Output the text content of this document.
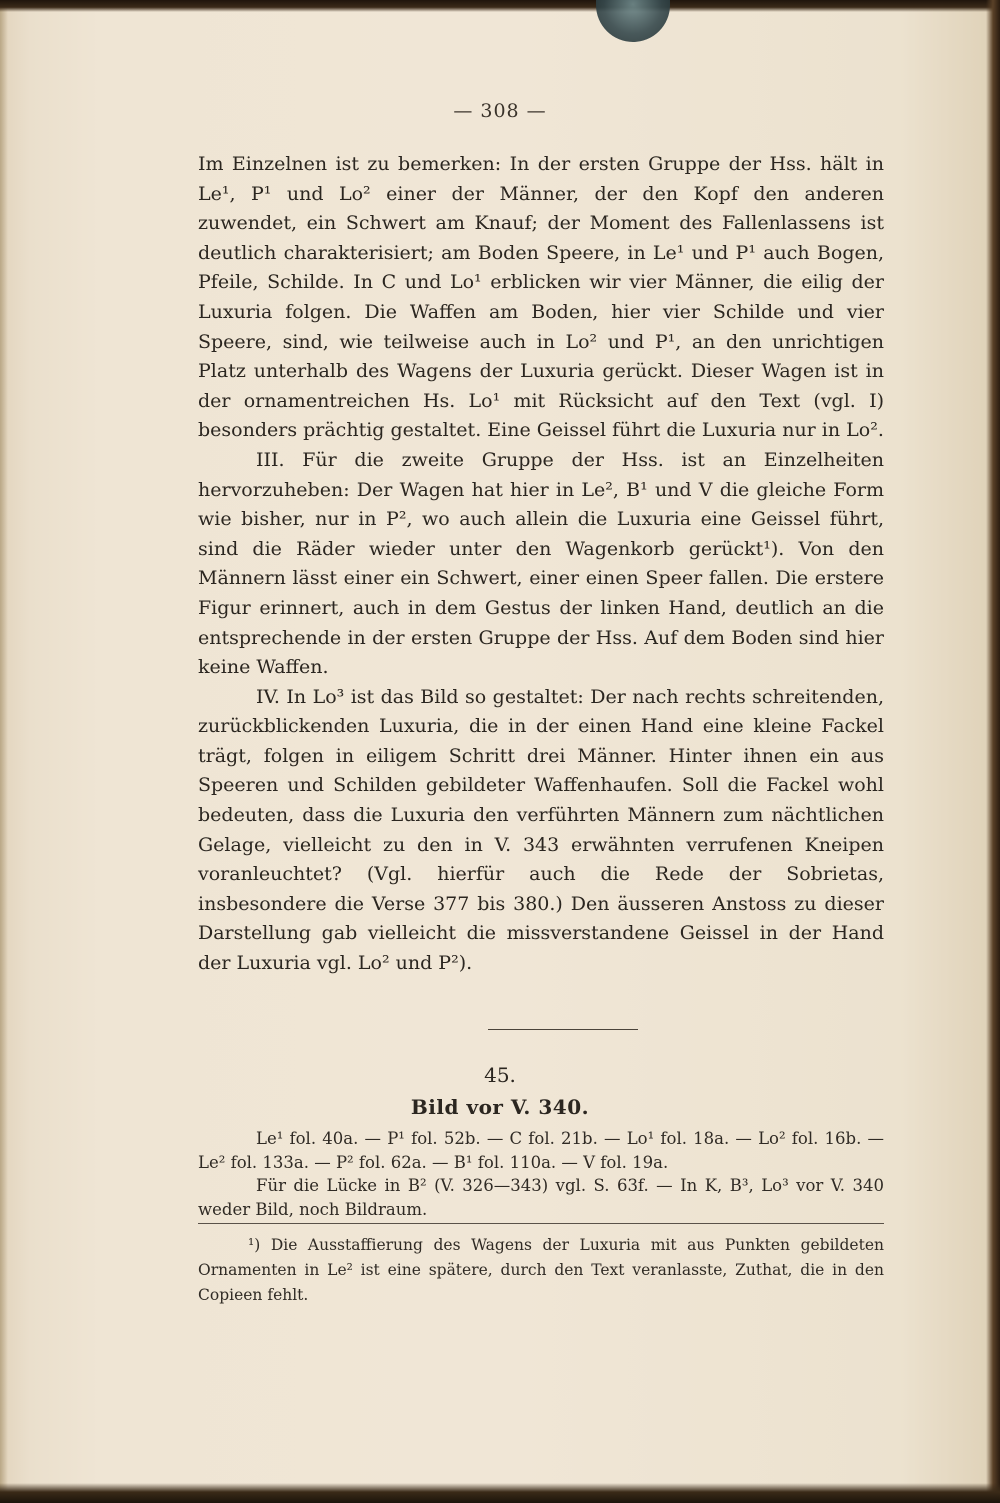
— 308 —

Im Einzelnen ist zu bemerken: In der ersten Gruppe der Hss. hält in Le¹, P¹ und Lo² einer der Männer, der den Kopf den anderen zuwendet, ein Schwert am Knauf; der Moment des Fallenlassens ist deutlich charakterisiert; am Boden Speere, in Le¹ und P¹ auch Bogen, Pfeile, Schilde. In C und Lo¹ erblicken wir vier Männer, die eilig der Luxuria folgen. Die Waffen am Boden, hier vier Schilde und vier Speere, sind, wie teilweise auch in Lo² und P¹, an den unrichtigen Platz unterhalb des Wagens der Luxuria gerückt. Dieser Wagen ist in der ornamentreichen Hs. Lo¹ mit Rücksicht auf den Text (vgl. I) besonders prächtig gestaltet. Eine Geissel führt die Luxuria nur in Lo².

III. Für die zweite Gruppe der Hss. ist an Einzelheiten hervorzuheben: Der Wagen hat hier in Le², B¹ und V die gleiche Form wie bisher, nur in P², wo auch allein die Luxuria eine Geissel führt, sind die Räder wieder unter den Wagenkorb gerückt¹). Von den Männern lässt einer ein Schwert, einer einen Speer fallen. Die erstere Figur erinnert, auch in dem Gestus der linken Hand, deutlich an die entsprechende in der ersten Gruppe der Hss. Auf dem Boden sind hier keine Waffen.

IV. In Lo³ ist das Bild so gestaltet: Der nach rechts schreitenden, zurückblickenden Luxuria, die in der einen Hand eine kleine Fackel trägt, folgen in eiligem Schritt drei Männer. Hinter ihnen ein aus Speeren und Schilden gebildeter Waffenhaufen. Soll die Fackel wohl bedeuten, dass die Luxuria den verführten Männern zum nächtlichen Gelage, vielleicht zu den in V. 343 erwähnten verrufenen Kneipen voranleuchtet? (Vgl. hierfür auch die Rede der Sobrietas, insbesondere die Verse 377 bis 380.) Den äusseren Anstoss zu dieser Darstellung gab vielleicht die missverstandene Geissel in der Hand der Luxuria vgl. Lo² und P²).

45.
Bild vor V. 340.

Le¹ fol. 40a. — P¹ fol. 52b. — C fol. 21b. — Lo¹ fol. 18a. — Lo² fol. 16b. — Le² fol. 133a. — P² fol. 62a. — B¹ fol. 110a. — V fol. 19a.

Für die Lücke in B² (V. 326—343) vgl. S. 63f. — In K, B³, Lo³ vor V. 340 weder Bild, noch Bildraum.

¹) Die Ausstaffierung des Wagens der Luxuria mit aus Punkten gebildeten Ornamenten in Le² ist eine spätere, durch den Text veranlasste, Zuthat, die in den Copieen fehlt.
